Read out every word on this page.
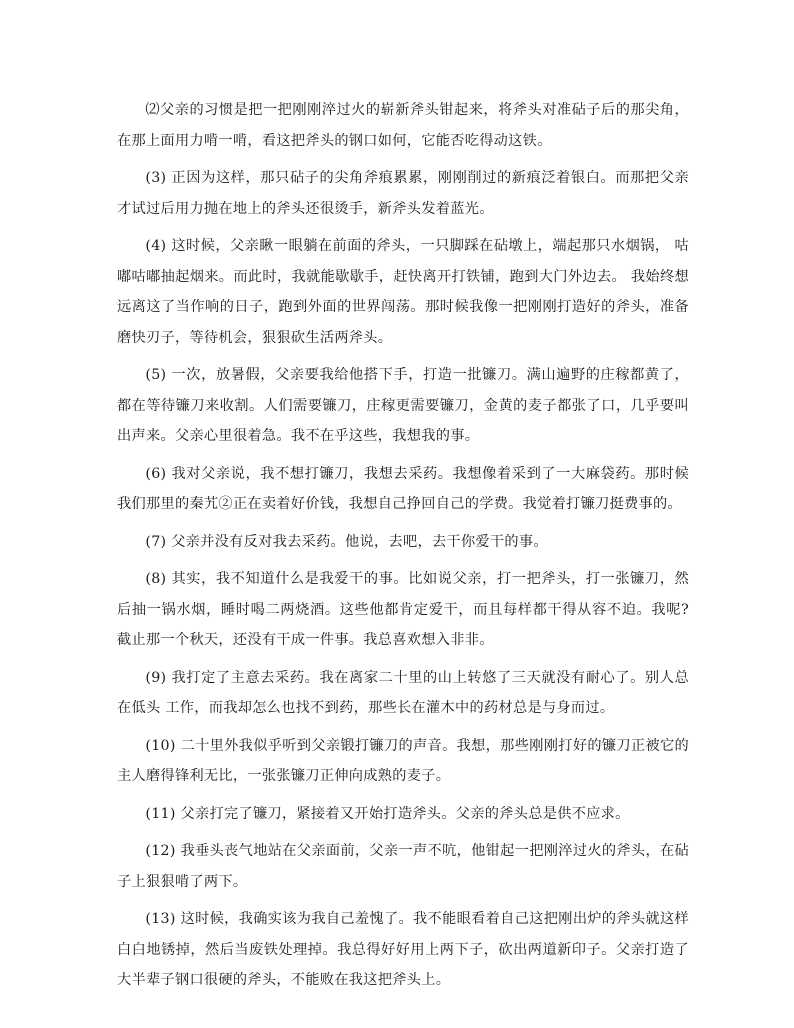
⑵父亲的习惯是把一把刚刚淬过火的崭新斧头钳起来，将斧头对准砧子后的那尖角，在那上面用力啃一啃，看这把斧头的钢口如何，它能否吃得动这铁。

(3) 正因为这样，那只砧子的尖角斧痕累累，刚刚削过的新痕泛着银白。而那把父亲才试过后用力抛在地上的斧头还很烫手，新斧头发着蓝光。

(4) 这时候，父亲瞅一眼躺在前面的斧头，一只脚踩在砧墩上，端起那只水烟锅， 咕嘟咕嘟抽起烟来。而此时，我就能歇歇手，赶快离开打铁铺，跑到大门外边去。 我始终想远离这了当作响的日子，跑到外面的世界闯荡。那时候我像一把刚刚打造好的斧头，准备磨快刃子，等待机会，狠狠砍生活两斧头。

(5) 一次，放暑假，父亲要我给他搭下手，打造一批镰刀。满山遍野的庄稼都黄了，都在等待镰刀来收割。人们需要镰刀，庄稼更需要镰刀，金黄的麦子都张了口，几乎要叫出声来。父亲心里很着急。我不在乎这些，我想我的事。

(6) 我对父亲说，我不想打镰刀，我想去采药。我想像着采到了一大麻袋药。那时候我们那里的秦艽②正在卖着好价钱，我想自己挣回自己的学费。我觉着打镰刀挺费事的。

(7) 父亲并没有反对我去采药。他说，去吧，去干你爱干的事。

(8) 其实，我不知道什么是我爱干的事。比如说父亲，打一把斧头，打一张镰刀，然后抽一锅水烟，睡时喝二两烧酒。这些他都肯定爱干，而且每样都干得从容不迫。我呢?截止那一个秋天，还没有干成一件事。我总喜欢想入非非。

(9) 我打定了主意去采药。我在离家二十里的山上转悠了三天就没有耐心了。别人总在低头 工作，而我却怎么也找不到药，那些长在灌木中的药材总是与身而过。

(10) 二十里外我似乎听到父亲锻打镰刀的声音。我想，那些刚刚打好的镰刀正被它的主人磨得锋利无比，一张张镰刀正伸向成熟的麦子。

(11) 父亲打完了镰刀，紧接着又开始打造斧头。父亲的斧头总是供不应求。

(12) 我垂头丧气地站在父亲面前，父亲一声不吭，他钳起一把刚淬过火的斧头，在砧子上狠狠啃了两下。

(13) 这时候，我确实该为我自己羞愧了。我不能眼看着自己这把刚出炉的斧头就这样白白地锈掉，然后当废铁处理掉。我总得好好用上两下子，砍出两道新印子。父亲打造了大半辈子钢口很硬的斧头，不能败在我这把斧头上。
